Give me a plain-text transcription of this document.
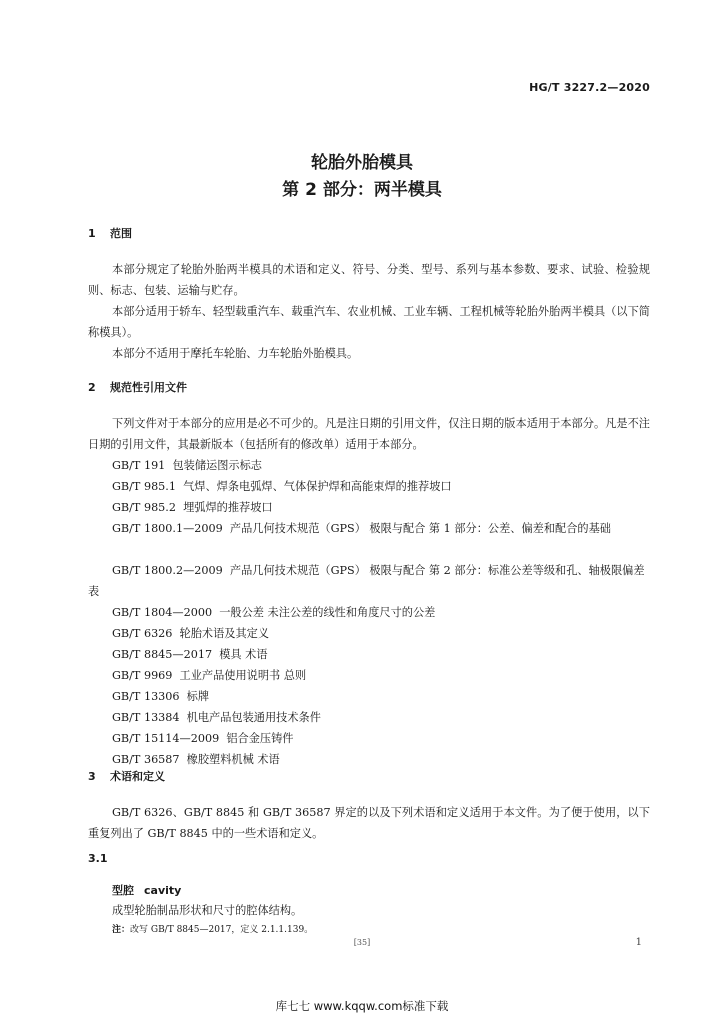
HG/T 3227.2—2020
轮胎外胎模具
第 2 部分：两半模具
1 范围
本部分规定了轮胎外胎两半模具的术语和定义、符号、分类、型号、系列与基本参数、要求、试验、检验规则、标志、包装、运输与贮存。
本部分适用于轿车、轻型载重汽车、载重汽车、农业机械、工业车辆、工程机械等轮胎外胎两半模具（以下简称模具）。
本部分不适用于摩托车轮胎、力车轮胎外胎模具。
2 规范性引用文件
下列文件对于本部分的应用是必不可少的。凡是注日期的引用文件，仅注日期的版本适用于本部分。凡是不注日期的引用文件，其最新版本（包括所有的修改单）适用于本部分。
GB/T 191 包装储运图示标志
GB/T 985.1 气焊、焊条电弧焊、气体保护焊和高能束焊的推荐坡口
GB/T 985.2 埋弧焊的推荐坡口
GB/T 1800.1—2009 产品几何技术规范（GPS） 极限与配合 第 1 部分：公差、偏差和配合的基础
GB/T 1800.2—2009 产品几何技术规范（GPS） 极限与配合 第 2 部分：标准公差等级和孔、轴极限偏差表
GB/T 1804—2000 一般公差 未注公差的线性和角度尺寸的公差
GB/T 6326 轮胎术语及其定义
GB/T 8845—2017 模具 术语
GB/T 9969 工业产品使用说明书 总则
GB/T 13306 标牌
GB/T 13384 机电产品包装通用技术条件
GB/T 15114—2009 铝合金压铸件
GB/T 36587 橡胶塑料机械 术语
3 术语和定义
GB/T 6326、GB/T 8845 和 GB/T 36587 界定的以及下列术语和定义适用于本文件。为了便于使用，以下重复列出了 GB/T 8845 中的一些术语和定义。
3.1
型腔 cavity
成型轮胎制品形状和尺寸的腔体结构。
注：改写 GB/T 8845—2017，定义 2.1.1.139。
[35]	1
库七七 www.kqqw.com标准下载
